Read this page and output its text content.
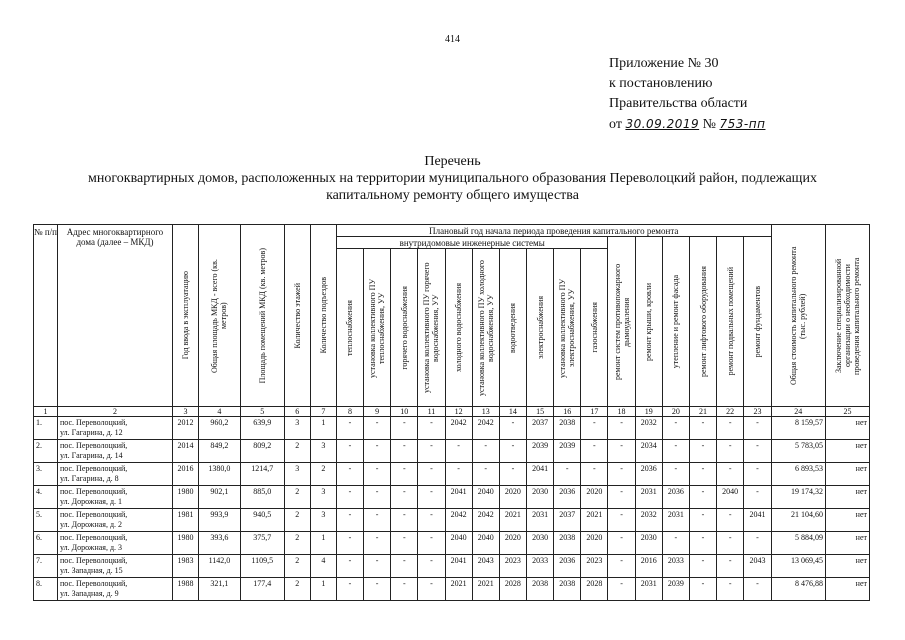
414
Приложение № 30
к постановлению
Правительства области
от 30.09.2019 № 753-пп
Перечень
многоквартирных домов, расположенных на территории муниципального образования Переволоцкий район, подлежащих
капитальному ремонту общего имущества
№ п/п	Адрес многоквартирного дома (далее – МКД)	Год ввода в эксплуатацию	Общая площадь МКД - всего (кв. метров)	Площадь помещений МКД (кв. метров)	Количество этажей	Количество подъездов	Плановый год начала периода проведения капитального ремонта																Общая стоимость капитального ремонта (тыс. рублей)	Заключение специализированной организации о необходимости проведения капитального ремонта

							внутридомовые инженерные системы										ремонт систем противопожарного дымоудаления	ремонт крыши, кровли	утепление и ремонт фасада	ремонт лифтового оборудования	ремонт подвальных помещений	ремонт фундаментов		

							теплоснабжения	установка коллективного ПУ теплоснабжения, УУ	горячего водоснабжения	установка коллективного ПУ горячего водоснабжения, УУ	холодного водоснабжения	установка коллективного ПУ холодного водоснабжения, УУ	водоотведения	электроснабжения	установка коллективного ПУ электроснабжения, УУ	газоснабжения								

1	2	3	4	5	6	7	8	9	10	11	12	13	14	15	16	17	18	19	20	21	22	23	24	25
1.	пос. Переволоцкий,
ул. Гагарина, д. 12	2012	960,2	639,9	3	1	-	-	-	-	2042	2042	-	2037	2038	-	-	2032	-	-	-	-	8 159,57	нет
2.	пос. Переволоцкий,
ул. Гагарина, д. 14	2014	849,2	809,2	2	3	-	-	-	-	-	-	-	2039	2039	-	-	2034	-	-	-	-	5 783,05	нет
3.	пос. Переволоцкий,
ул. Гагарина, д. 8	2016	1380,0	1214,7	3	2	-	-	-	-	-	-	-	2041	-	-	-	2036	-	-	-	-	6 893,53	нет
4.	пос. Переволоцкий,
ул. Дорожная, д. 1	1980	902,1	885,0	2	3	-	-	-	-	2041	2040	2020	2030	2036	2020	-	2031	2036	-	2040	-	19 174,32	нет
5.	пос. Переволоцкий,
ул. Дорожная, д. 2	1981	993,9	940,5	2	3	-	-	-	-	2042	2042	2021	2031	2037	2021	-	2032	2031	-	-	2041	21 104,60	нет
6.	пос. Переволоцкий,
ул. Дорожная, д. 3	1980	393,6	375,7	2	1	-	-	-	-	2040	2040	2020	2030	2038	2020	-	2030	-	-	-	-	5 884,09	нет
7.	пос. Переволоцкий,
ул. Западная, д. 15	1983	1142,0	1109,5	2	4	-	-	-	-	2041	2043	2023	2033	2036	2023	-	2016	2033	-	-	2043	13 069,45	нет
8.	пос. Переволоцкий,
ул. Западная, д. 9	1988	321,1	177,4	2	1	-	-	-	-	2021	2021	2028	2038	2038	2028	-	2031	2039	-	-	-	8 476,88	нет
